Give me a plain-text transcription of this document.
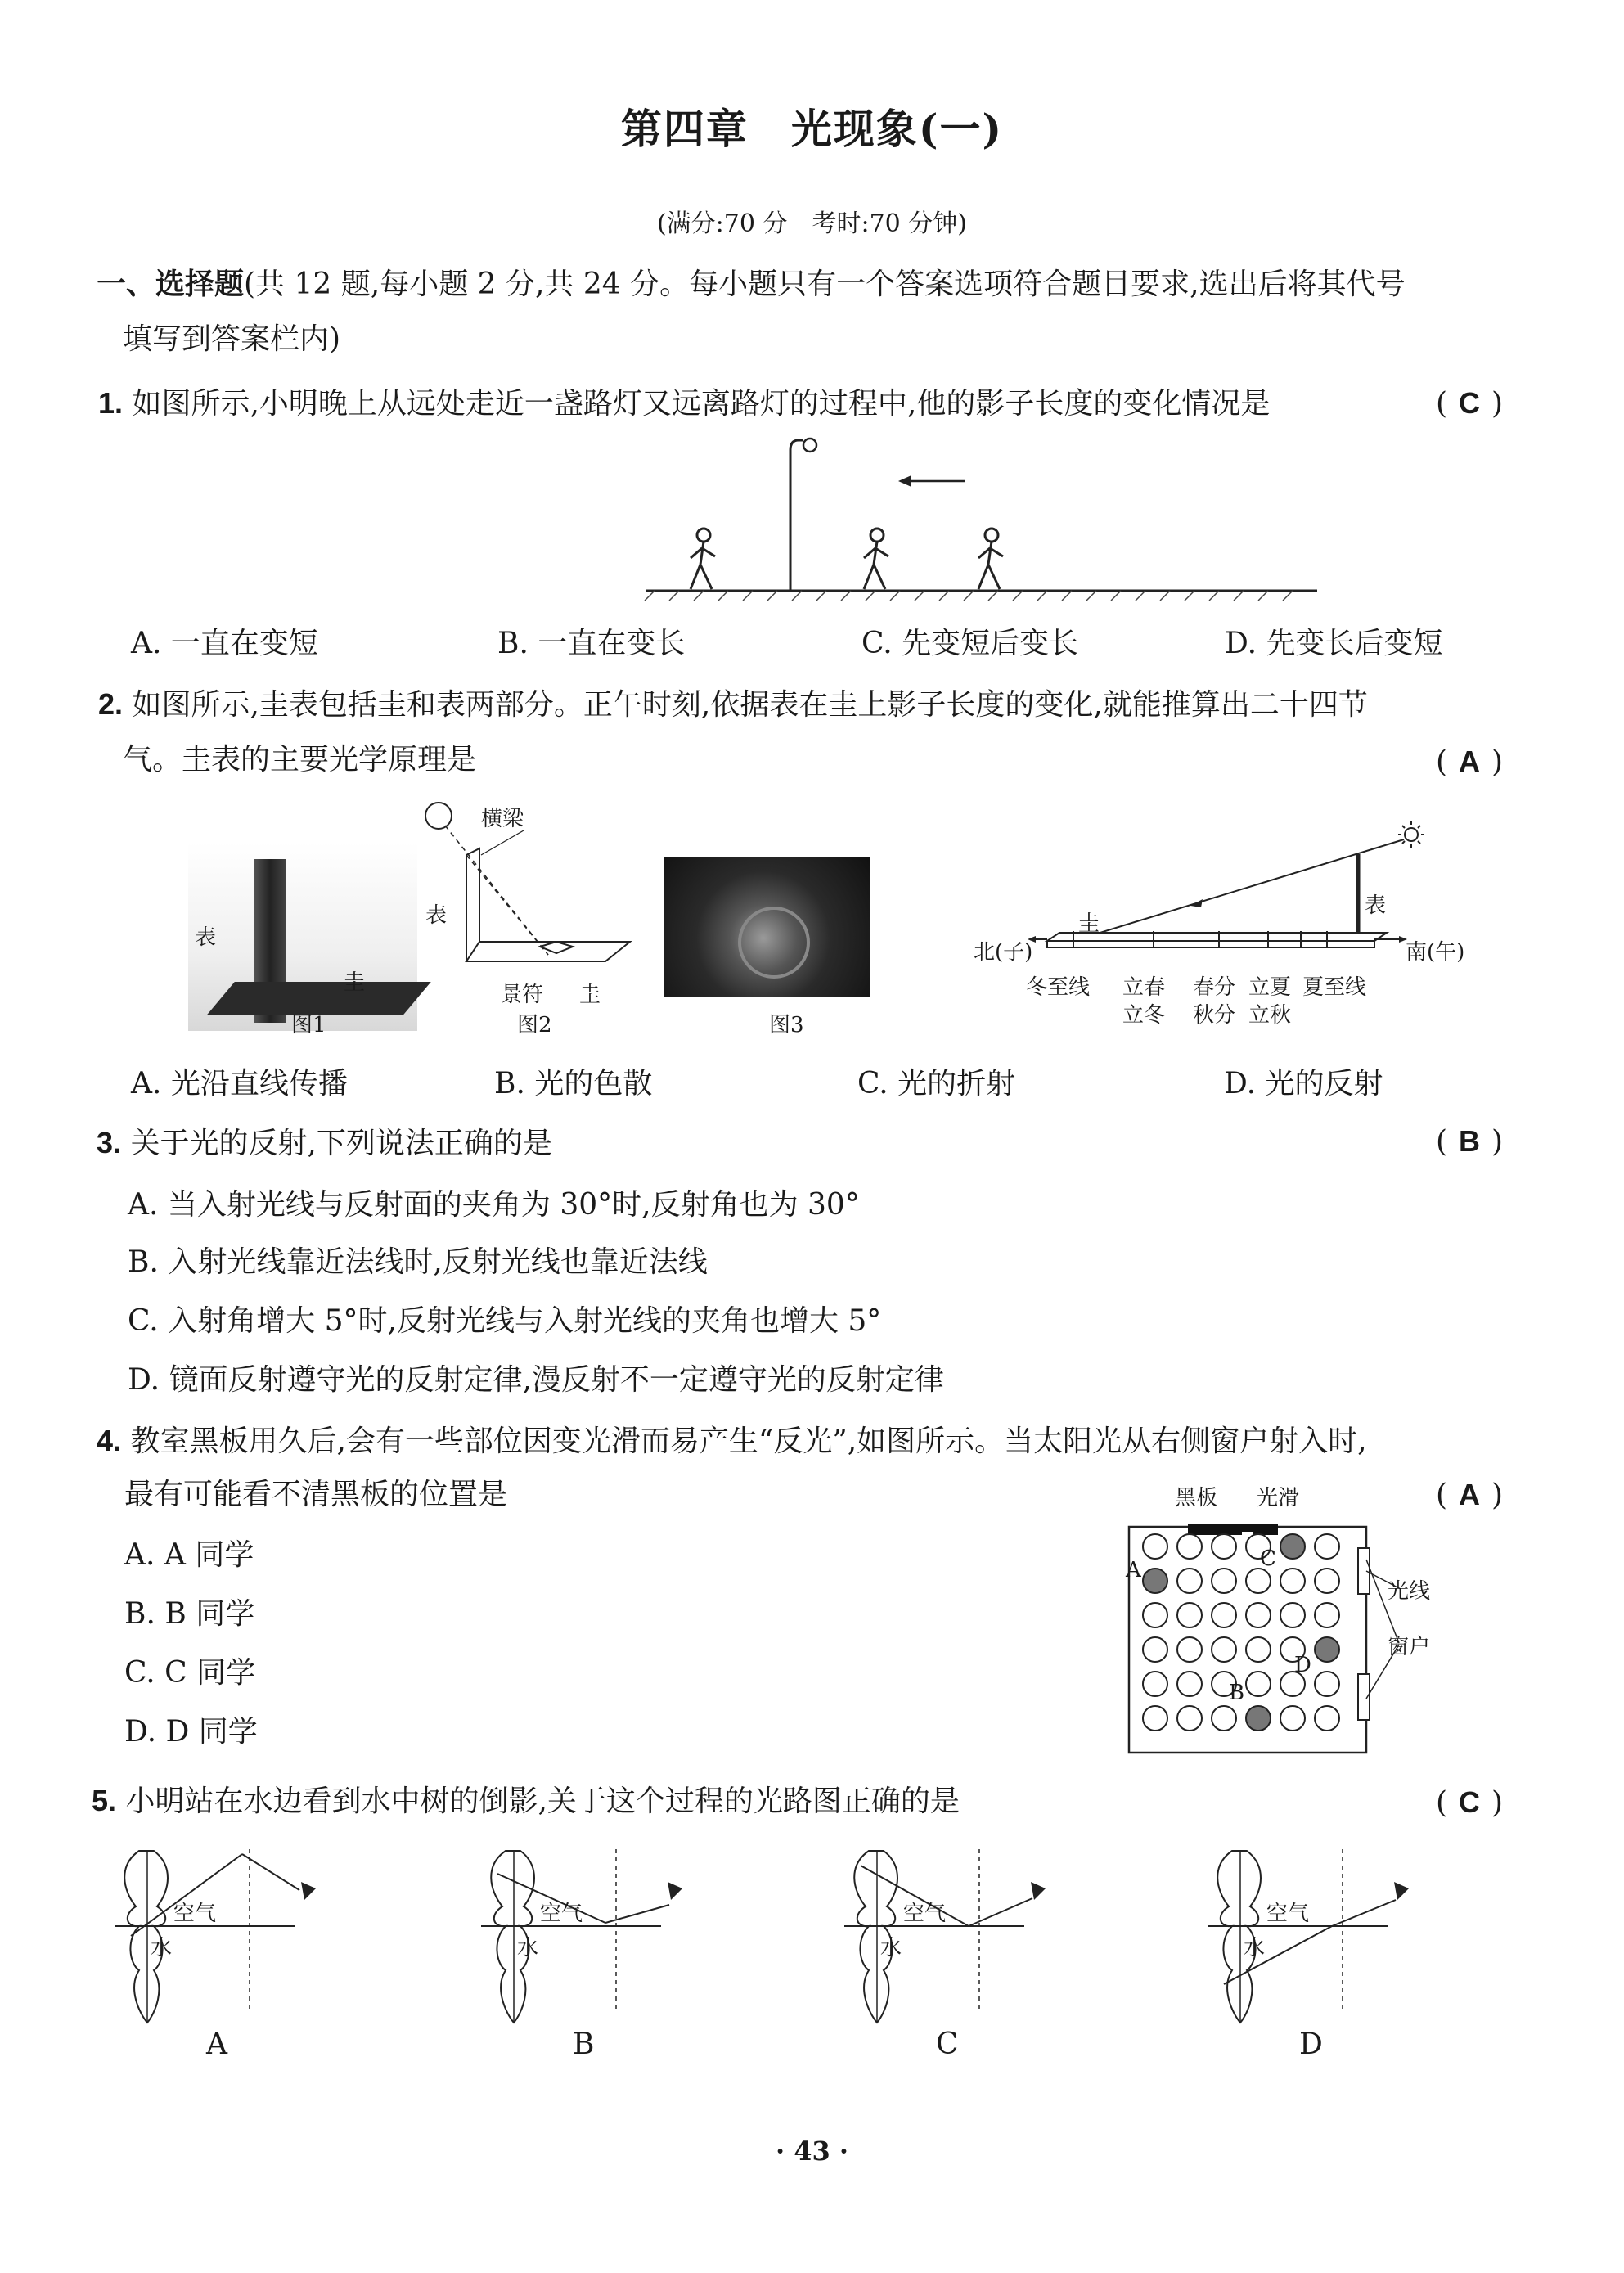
第四章　光现象(一)
(满分:70 分　考时:70 分钟)
一、选择题(共 12 题,每小题 2 分,共 24 分。每小题只有一个答案选项符合题目要求,选出后将其代号
填写到答案栏内)
1. 如图所示,小明晚上从远处走近一盏路灯又远离路灯的过程中,他的影子长度的变化情况是	( C )
A. 一直在变短	B. 一直在变长	C. 先变短后变长	D. 先变长后变短
2. 如图所示,圭表包括圭和表两部分。正午时刻,依据表在圭上影子长度的变化,就能推算出二十四节
气。圭表的主要光学原理是	( A )
表
圭
图1
横梁
表
景符 圭
图2	图3
圭
表
北(子)	南(午)
冬至线 立春
立冬
春分
秋分
立夏
立秋
夏至线
A. 光沿直线传播	B. 光的色散	C. 光的折射	D. 光的反射
3. 关于光的反射,下列说法正确的是	( B )
A. 当入射光线与反射面的夹角为 30°时,反射角也为 30°
B. 入射光线靠近法线时,反射光线也靠近法线
C. 入射角增大 5°时,反射光线与入射光线的夹角也增大 5°
D. 镜面反射遵守光的反射定律,漫反射不一定遵守光的反射定律
4. 教室黑板用久后,会有一些部位因变光滑而易产生“反光”,如图所示。当太阳光从右侧窗户射入时,
最有可能看不清黑板的位置是	( A )
A. A 同学
B. B 同学
C. C 同学
D. D 同学
黑板 光滑
光线
窗户
A	C
D
B
5. 小明站在水边看到水中树的倒影,关于这个过程的光路图正确的是	( C )
空气
水
A
空气
水
B
空气
水
C
空气
水
D
· 43 ·
